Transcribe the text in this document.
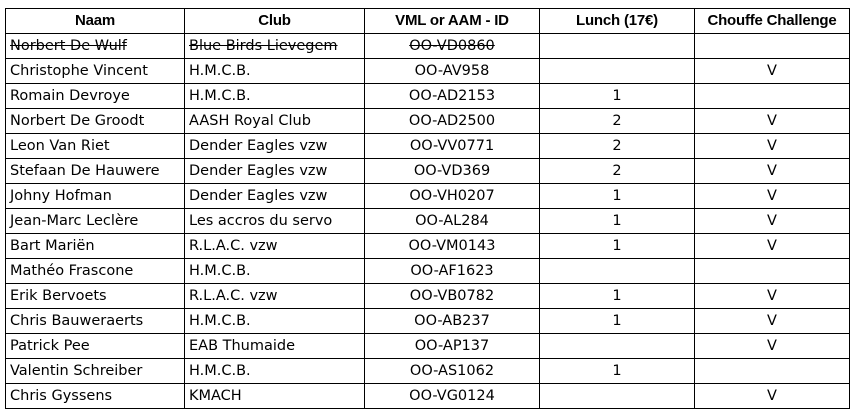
Naam	Club	VML or AAM - ID	Lunch (17€)	Chouffe Challenge
Norbert De Wulf	Blue Birds Lievegem	OO-VD0860		
Christophe Vincent	H.M.C.B.	OO-AV958		V
Romain Devroye	H.M.C.B.	OO-AD2153	1	
Norbert De Groodt	AASH Royal Club	OO-AD2500	2	V
Leon Van Riet	Dender Eagles vzw	OO-VV0771	2	V
Stefaan De Hauwere	Dender Eagles vzw	OO-VD369	2	V
Johny Hofman	Dender Eagles vzw	OO-VH0207	1	V
Jean-Marc Leclère	Les accros du servo	OO-AL284	1	V
Bart Mariën	R.L.A.C. vzw	OO-VM0143	1	V
Mathéo Frascone	H.M.C.B.	OO-AF1623		
Erik Bervoets	R.L.A.C. vzw	OO-VB0782	1	V
Chris Bauweraerts	H.M.C.B.	OO-AB237	1	V
Patrick Pee	EAB Thumaide	OO-AP137		V
Valentin Schreiber	H.M.C.B.	OO-AS1062	1	
Chris Gyssens	KMACH	OO-VG0124		V
